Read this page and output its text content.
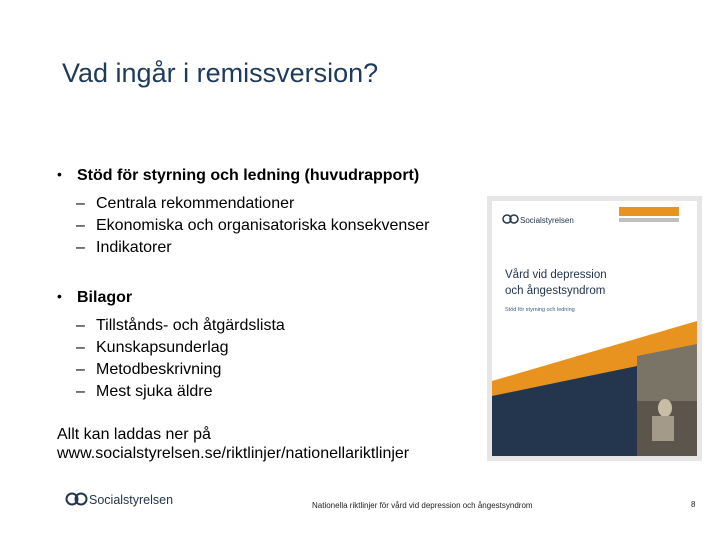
Vad ingår i remissversion?
• Stöd för styrning och ledning (huvudrapport)
– Centrala rekommendationer
– Ekonomiska och organisatoriska konsekvenser
– Indikatorer
• Bilagor
– Tillstånds- och åtgärdslista
– Kunskapsunderlag
– Metodbeskrivning
– Mest sjuka äldre
Allt kan laddas ner på
www.socialstyrelsen.se/riktlinjer/nationellariktlinjer
Socialstyrelsen
Vård vid depression
och ångestsyndrom
Stöd för styrning och ledning
Socialstyrelsen	Nationella riktlinjer för vård vid depression och ångestsyndrom	8
